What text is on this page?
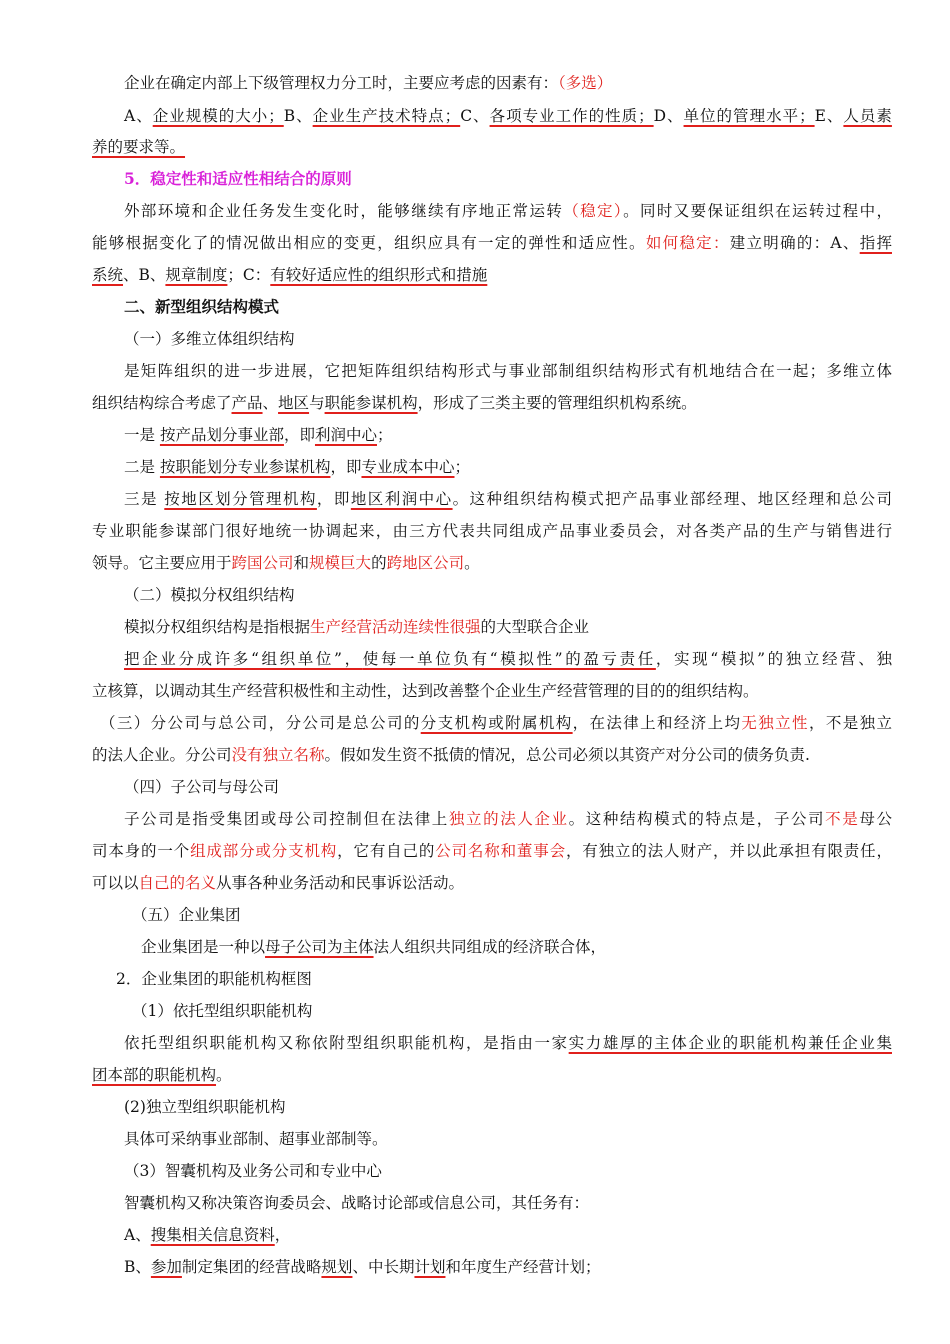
企业在确定内部上下级管理权力分工时，主要应考虑的因素有：（多选）
A、企业规模的大小；B、企业生产技术特点；C、各项专业工作的性质；D、单位的管理水平；E、人员素
养的要求等。
5．稳定性和适应性相结合的原则
外部环境和企业任务发生变化时，能够继续有序地正常运转（稳定）。同时又要保证组织在运转过程中，
能够根据变化了的情况做出相应的变更，组织应具有一定的弹性和适应性。如何稳定：建立明确的：A、指挥
系统、B、规章制度；C：有较好适应性的组织形式和措施
二、新型组织结构模式
（一）多维立体组织结构
是矩阵组织的进一步进展，它把矩阵组织结构形式与事业部制组织结构形式有机地结合在一起；多维立体
组织结构综合考虑了产品、地区与职能参谋机构，形成了三类主要的管理组织机构系统。
一是 按产品划分事业部，即利润中心；
二是 按职能划分专业参谋机构，即专业成本中心；
三是 按地区划分管理机构，即地区利润中心。这种组织结构模式把产品事业部经理、地区经理和总公司
专业职能参谋部门很好地统一协调起来，由三方代表共同组成产品事业委员会，对各类产品的生产与销售进行
领导。它主要应用于跨国公司和规模巨大的跨地区公司。
（二）模拟分权组织结构
模拟分权组织结构是指根据生产经营活动连续性很强的大型联合企业
把企业分成许多“组织单位”，使每一单位负有“模拟性”的盈亏责任，实现“模拟”的独立经营、独
立核算，以调动其生产经营积极性和主动性，达到改善整个企业生产经营管理的目的的组织结构。
（三）分公司与总公司，分公司是总公司的分支机构或附属机构，在法律上和经济上均无独立性，不是独立
的法人企业。分公司没有独立名称。假如发生资不抵债的情况，总公司必须以其资产对分公司的债务负责.
（四）子公司与母公司
子公司是指受集团或母公司控制但在法律上独立的法人企业。这种结构模式的特点是，子公司不是母公
司本身的一个组成部分或分支机构，它有自己的公司名称和董事会，有独立的法人财产，并以此承担有限责任，
可以以自己的名义从事各种业务活动和民事诉讼活动。
（五）企业集团
企业集团是一种以母子公司为主体法人组织共同组成的经济联合体，
2．企业集团的职能机构框图
（1）依托型组织职能机构
依托型组织职能机构又称依附型组织职能机构，是指由一家实力雄厚的主体企业的职能机构兼任企业集
团本部的职能机构。
(2)独立型组织职能机构
具体可采纳事业部制、超事业部制等。
（3）智囊机构及业务公司和专业中心
智囊机构又称决策咨询委员会、战略讨论部或信息公司，其任务有：
A、搜集相关信息资料，
B、参加制定集团的经营战略规划、中长期计划和年度生产经营计划；
